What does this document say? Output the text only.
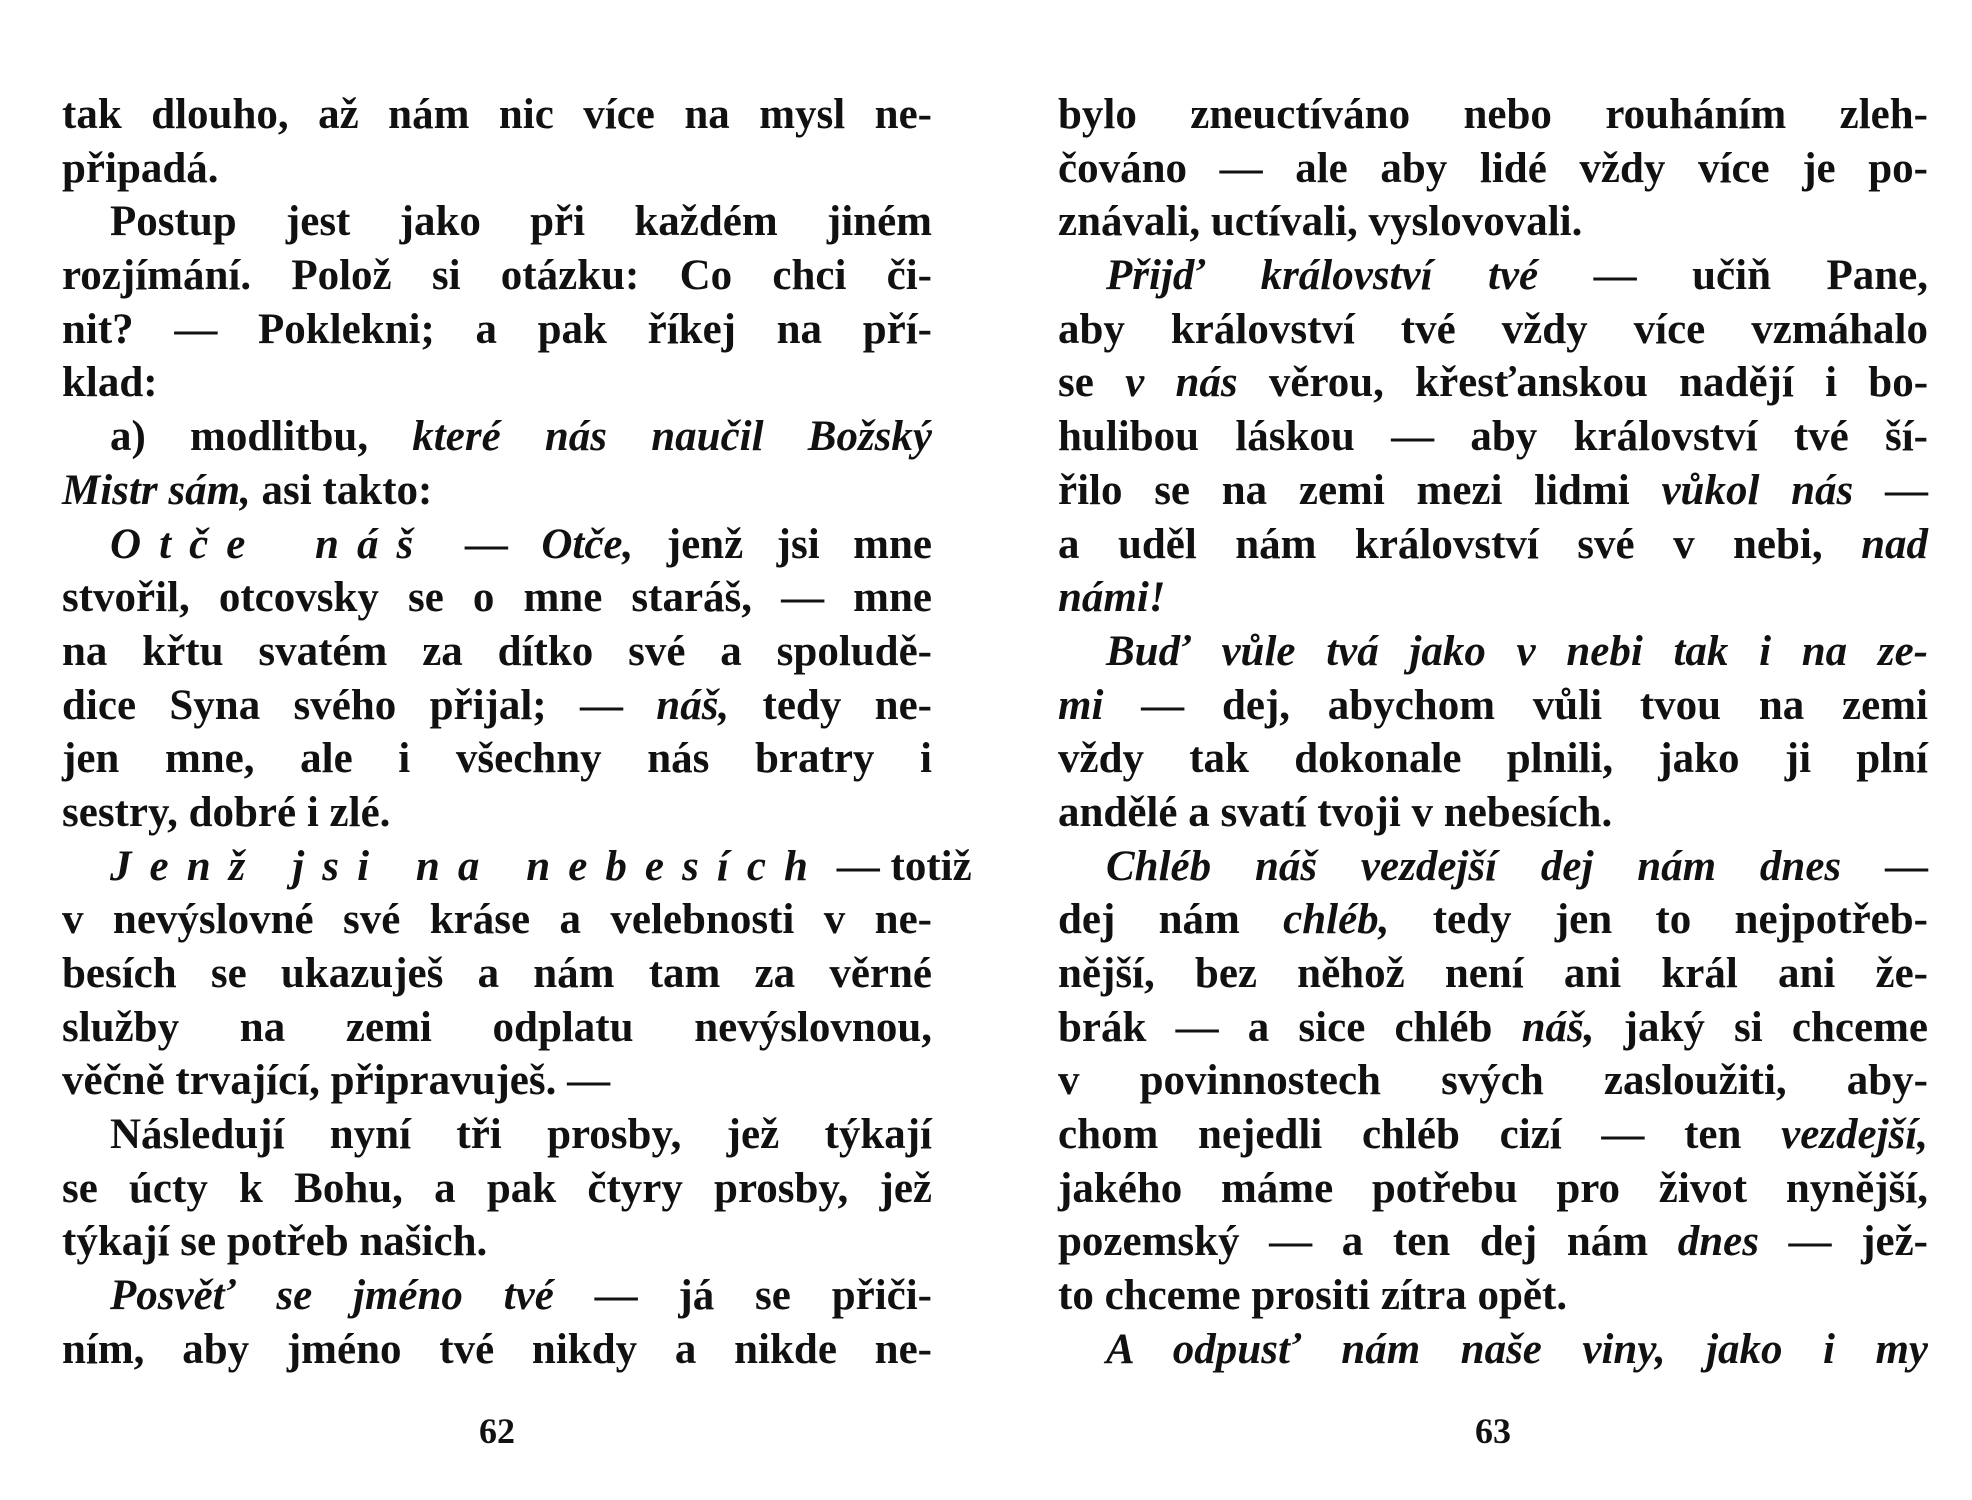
tak dlouho, až nám nic více na mysl ne-
připadá.
Postup jest jako při každém jiném
rozjímání. Polož si otázku: Co chci či-
nit? — Poklekni; a pak říkej na pří-
klad:
a) modlitbu, které nás naučil Božský
Mistr sám, asi takto:
Otče náš — Otče, jenž jsi mne
stvořil, otcovsky se o mne staráš, — mne
na křtu svatém za dítko své a spoludě-
dice Syna svého přijal; — náš, tedy ne-
jen mne, ale i všechny nás bratry i
sestry, dobré i zlé.
Jenž jsi na nebesích — totiž
v nevýslovné své kráse a velebnosti v ne-
besích se ukazuješ a nám tam za věrné
služby na zemi odplatu nevýslovnou,
věčně trvající, připravuješ. —
Následují nyní tři prosby, jež týkají
se úcty k Bohu, a pak čtyry prosby, jež
týkají se potřeb našich.
Posvěť se jméno tvé — já se přiči-
ním, aby jméno tvé nikdy a nikde ne-
62
bylo zneuctíváno nebo rouháním zleh-
čováno — ale aby lidé vždy více je po-
znávali, uctívali, vyslovovali.
Přijď království tvé — učiň Pane,
aby království tvé vždy více vzmáhalo
se v nás věrou, křesťanskou nadějí i bo-
hulibou láskou — aby království tvé ší-
řilo se na zemi mezi lidmi vůkol nás —
a uděl nám království své v nebi, nad
námi!
Buď vůle tvá jako v nebi tak i na ze-
mi — dej, abychom vůli tvou na zemi
vždy tak dokonale plnili, jako ji plní
andělé a svatí tvoji v nebesích.
Chléb náš vezdejší dej nám dnes —
dej nám chléb, tedy jen to nejpotřeb-
nější, bez něhož není ani král ani že-
brák — a sice chléb náš, jaký si chceme
v povinnostech svých zasloužiti, aby-
chom nejedli chléb cizí — ten vezdejší,
jakého máme potřebu pro život nynější,
pozemský — a ten dej nám dnes — jež-
to chceme prositi zítra opět.
A odpusť nám naše viny, jako i my
63
